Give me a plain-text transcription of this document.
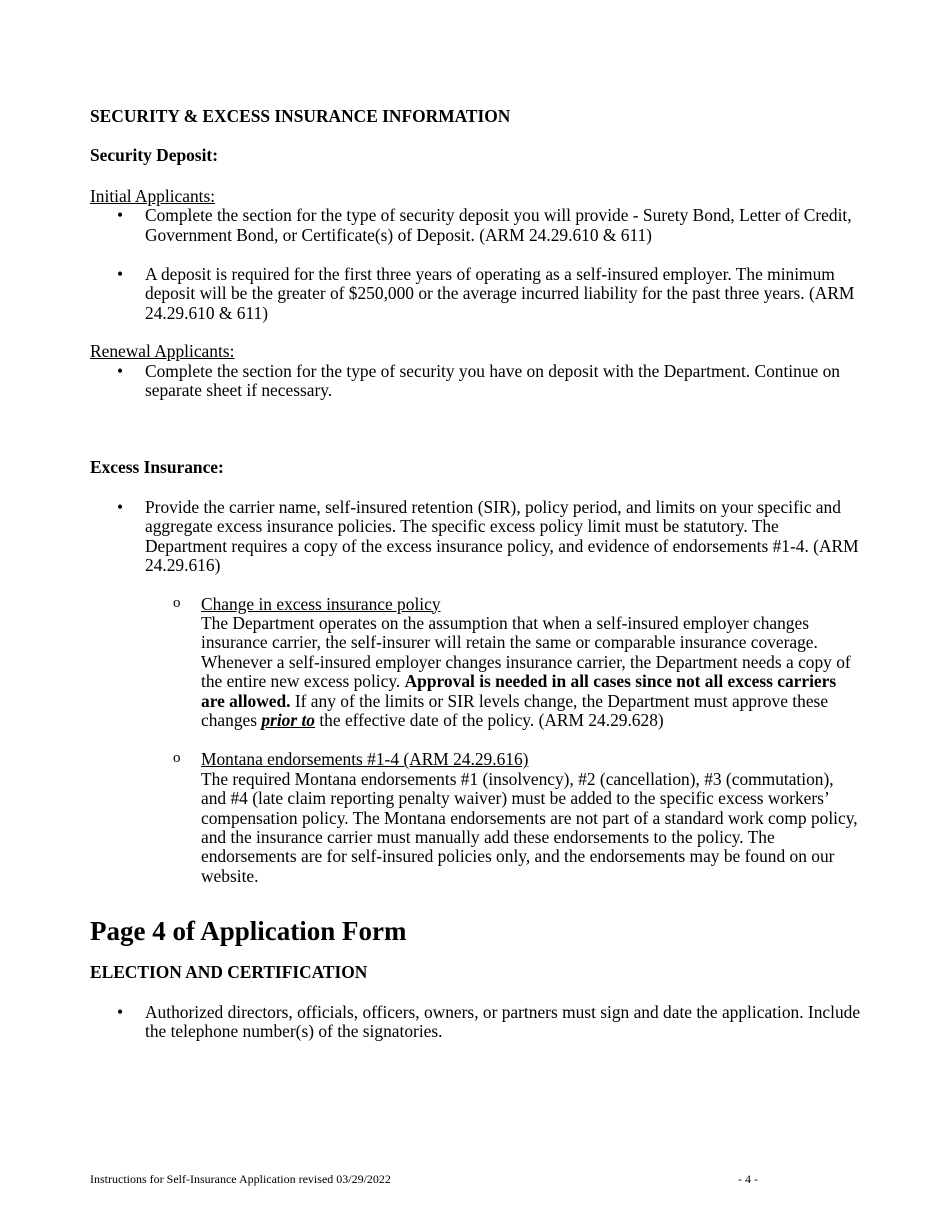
SECURITY & EXCESS INSURANCE INFORMATION

Security Deposit:

Initial Applicants:

• Complete the section for the type of security deposit you will provide - Surety Bond, Letter of Credit, Government Bond, or Certificate(s) of Deposit. (ARM 24.29.610 & 611)
• A deposit is required for the first three years of operating as a self-insured employer. The minimum deposit will be the greater of $250,000 or the average incurred liability for the past three years. (ARM 24.29.610 & 611)

Renewal Applicants:

• Complete the section for the type of security you have on deposit with the Department. Continue on separate sheet if necessary.

Excess Insurance:

• Provide the carrier name, self-insured retention (SIR), policy period, and limits on your specific and aggregate excess insurance policies. The specific excess policy limit must be statutory. The Department requires a copy of the excess insurance policy, and evidence of endorsements #1-4. (ARM 24.29.616)
o Change in excess insurance policy
The Department operates on the assumption that when a self-insured employer changes insurance carrier, the self-insurer will retain the same or comparable insurance coverage. Whenever a self-insured employer changes insurance carrier, the Department needs a copy of the entire new excess policy. Approval is needed in all cases since not all excess carriers are allowed. If any of the limits or SIR levels change, the Department must approve these changes prior to the effective date of the policy. (ARM 24.29.628)
o Montana endorsements #1-4 (ARM 24.29.616)
The required Montana endorsements #1 (insolvency), #2 (cancellation), #3 (commutation), and #4 (late claim reporting penalty waiver) must be added to the specific excess workers’ compensation policy. The Montana endorsements are not part of a standard work comp policy, and the insurance carrier must manually add these endorsements to the policy. The endorsements are for self-insured policies only, and the endorsements may be found on our website.
Page 4 of Application Form

ELECTION AND CERTIFICATION

• Authorized directors, officials, officers, owners, or partners must sign and date the application. Include the telephone number(s) of the signatories.
Instructions for Self-Insurance Application revised 03/29/2022	- 4 -
